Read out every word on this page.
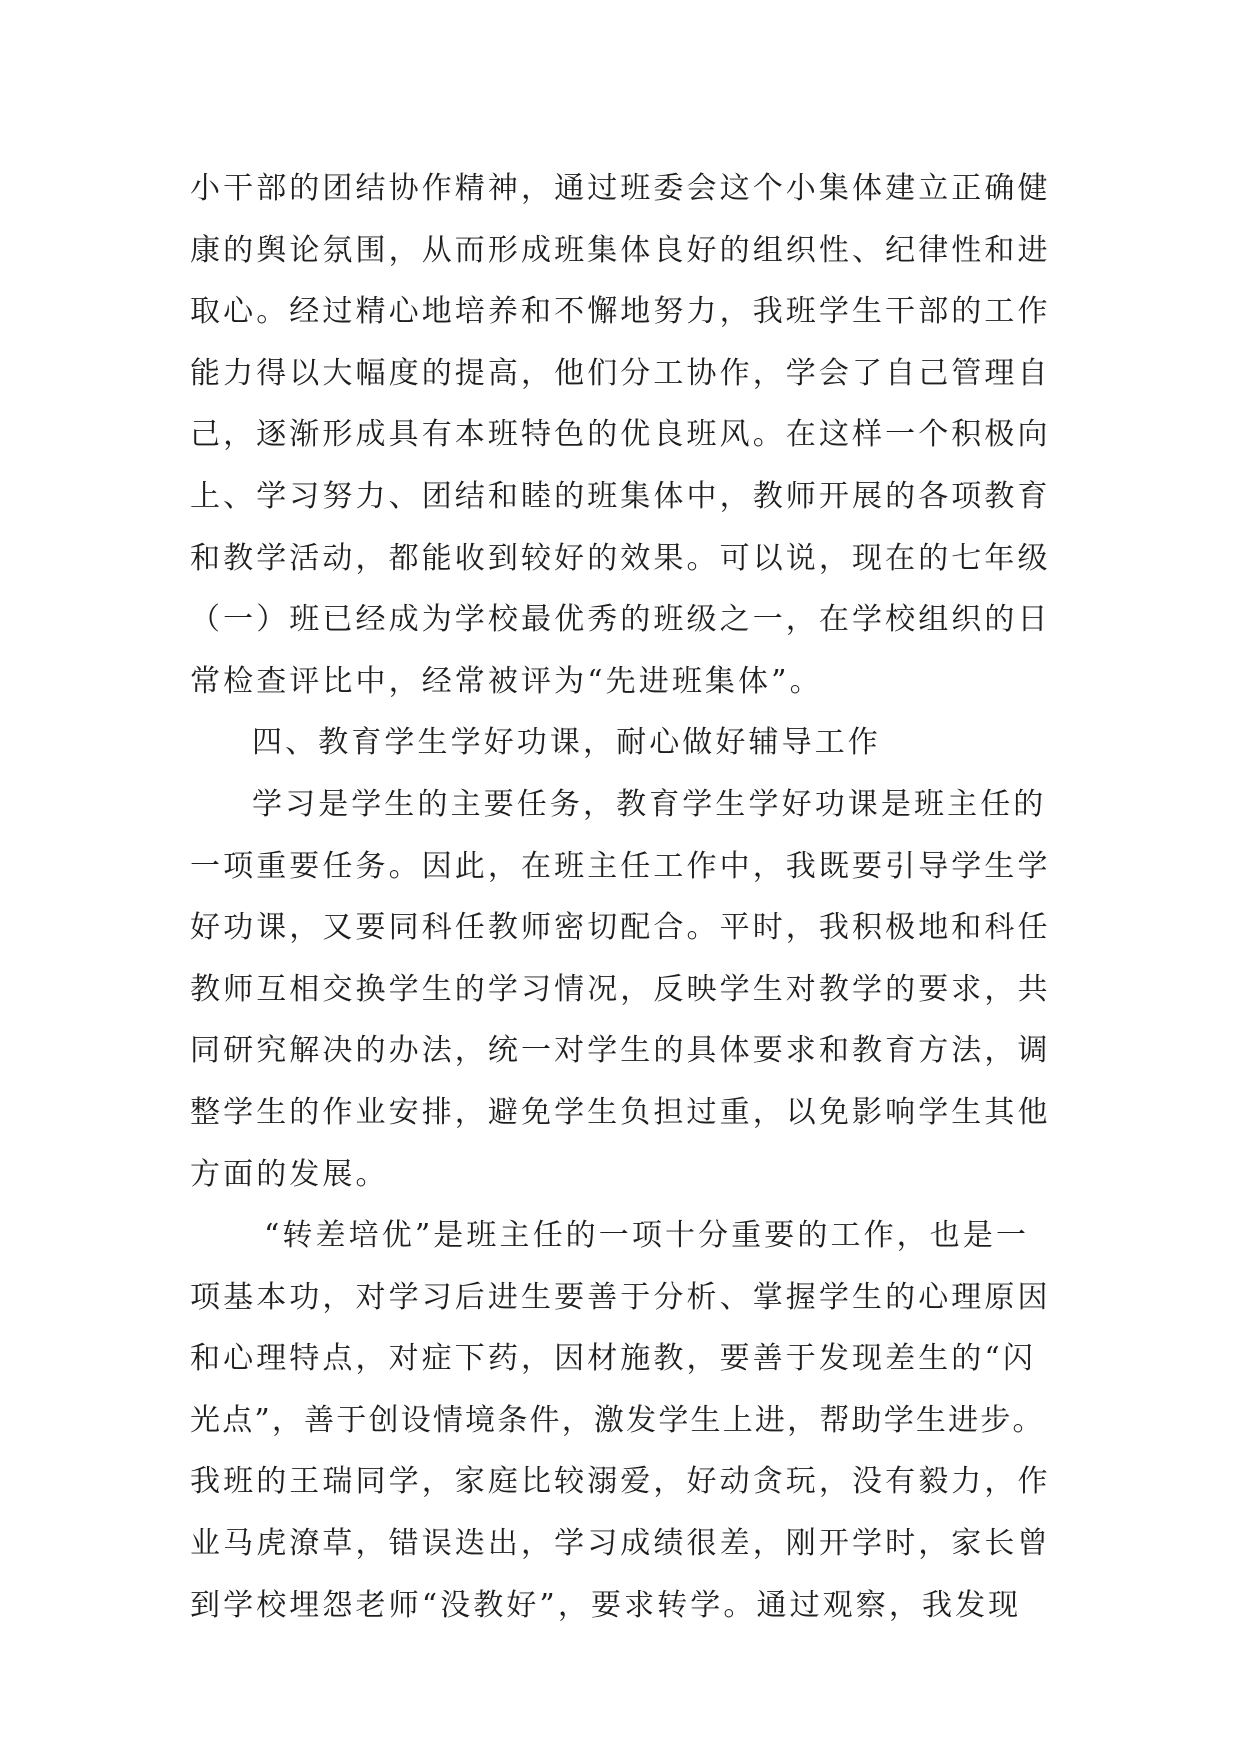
小干部的团结协作精神，通过班委会这个小集体建立正确健
康的舆论氛围，从而形成班集体良好的组织性、纪律性和进
取心。经过精心地培养和不懈地努力，我班学生干部的工作
能力得以大幅度的提高，他们分工协作，学会了自己管理自
己，逐渐形成具有本班特色的优良班风。在这样一个积极向
上、学习努力、团结和睦的班集体中，教师开展的各项教育
和教学活动，都能收到较好的效果。可以说，现在的七年级
（一）班已经成为学校最优秀的班级之一，在学校组织的日
常检查评比中，经常被评为“先进班集体”。
四、教育学生学好功课，耐心做好辅导工作
学习是学生的主要任务，教育学生学好功课是班主任的
一项重要任务。因此，在班主任工作中，我既要引导学生学
好功课，又要同科任教师密切配合。平时，我积极地和科任
教师互相交换学生的学习情况，反映学生对教学的要求，共
同研究解决的办法，统一对学生的具体要求和教育方法，调
整学生的作业安排，避免学生负担过重，以免影响学生其他
方面的发展。
“转差培优”是班主任的一项十分重要的工作，也是一
项基本功，对学习后进生要善于分析、掌握学生的心理原因
和心理特点，对症下药，因材施教，要善于发现差生的“闪
光点”，善于创设情境条件，激发学生上进，帮助学生进步。
我班的王瑞同学，家庭比较溺爱，好动贪玩，没有毅力，作
业马虎潦草，错误迭出，学习成绩很差，刚开学时，家长曾
到学校埋怨老师“没教好”，要求转学。通过观察，我发现
